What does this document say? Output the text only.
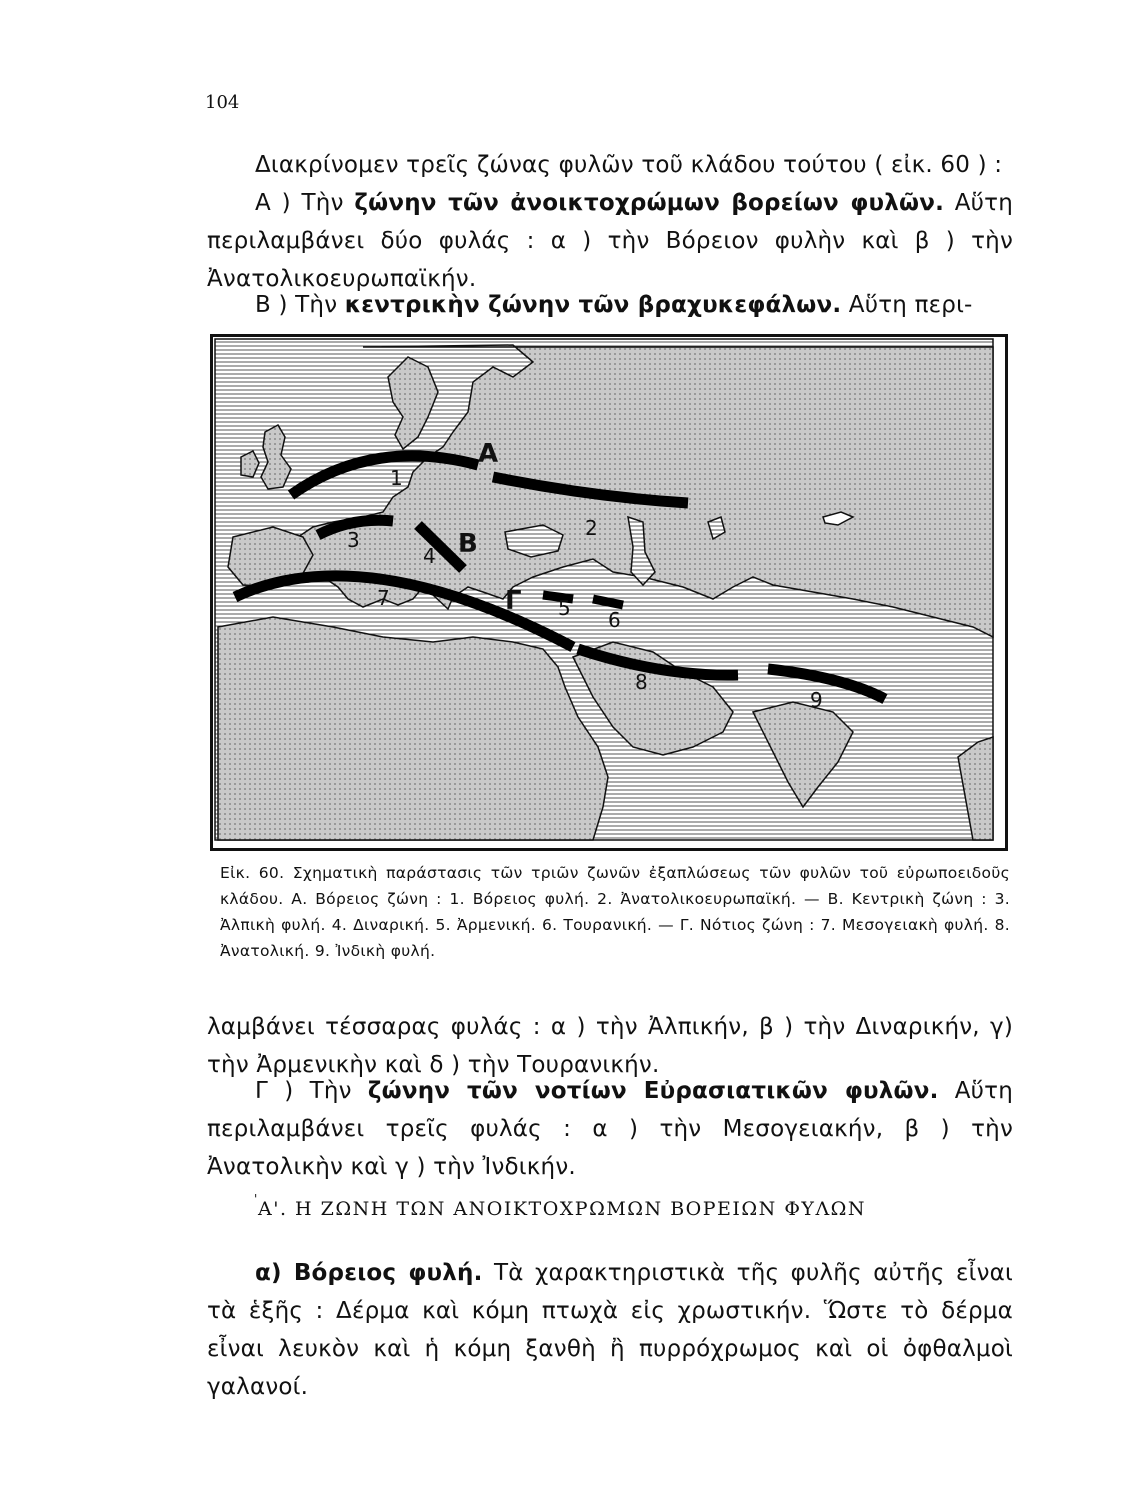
104

Διακρίνομεν τρεῖς ζώνας φυλῶν τοῦ κλάδου τούτου ( εἰκ. 60 ) :

Α ) Τὴν ζώνην τῶν ἀνοικτοχρώμων βορείων φυλῶν. Αὕτη περιλαμβάνει δύο φυλάς : α ) τὴν Βόρειον φυλὴν καὶ β ) τὴν Ἀνατολικοευρωπαϊκήν.

Β ) Τὴν κεντρικὴν ζώνην τῶν βραχυκεφάλων. Αὕτη περι-

Α
Β
Γ
1
2
3
4
5 6
7
8
9

Εἰκ. 60. Σχηματικὴ παράστασις τῶν τριῶν ζωνῶν ἐξαπλώσεως τῶν φυλῶν τοῦ εὐρωποειδοῦς κλάδου. Α. Βόρειος ζώνη : 1. Βόρειος φυλή. 2. Ἀνατολικοευρωπαϊκή. — Β. Κεντρικὴ ζώνη : 3. Ἀλπικὴ φυλή. 4. Διναρική. 5. Ἀρμενική. 6. Τουρανική. — Γ. Νότιος ζώνη : 7. Μεσογειακὴ φυλή. 8. Ἀνατολική. 9. Ἰνδικὴ φυλή.

λαμβάνει τέσσαρας φυλάς : α ) τὴν Ἀλπικήν, β ) τὴν Διναρικήν, γ) τὴν Ἀρμενικὴν καὶ δ ) τὴν Τουρανικήν.

Γ ) Τὴν ζώνην τῶν νοτίων Εὐρασιατικῶν φυλῶν. Αὕτη περιλαμβάνει τρεῖς φυλάς : α ) τὴν Μεσογειακήν, β ) τὴν Ἀνατολικὴν καὶ γ ) τὴν Ἰνδικήν.

' Α'. Η ΖΩΝΗ ΤΩΝ ΑΝΟΙΚΤΟΧΡΩΜΩΝ ΒΟΡΕΙΩΝ ΦΥΛΩΝ

α) Βόρειος φυλή. Τὰ χαρακτηριστικὰ τῆς φυλῆς αὐτῆς εἶναι τὰ ἑξῆς : Δέρμα καὶ κόμη πτωχὰ εἰς χρωστικήν. Ὥστε τὸ δέρμα εἶναι λευκὸν καὶ ἡ κόμη ξανθὴ ἢ πυρρόχρωμος καὶ οἱ ὀφθαλμοὶ γαλανοί.
